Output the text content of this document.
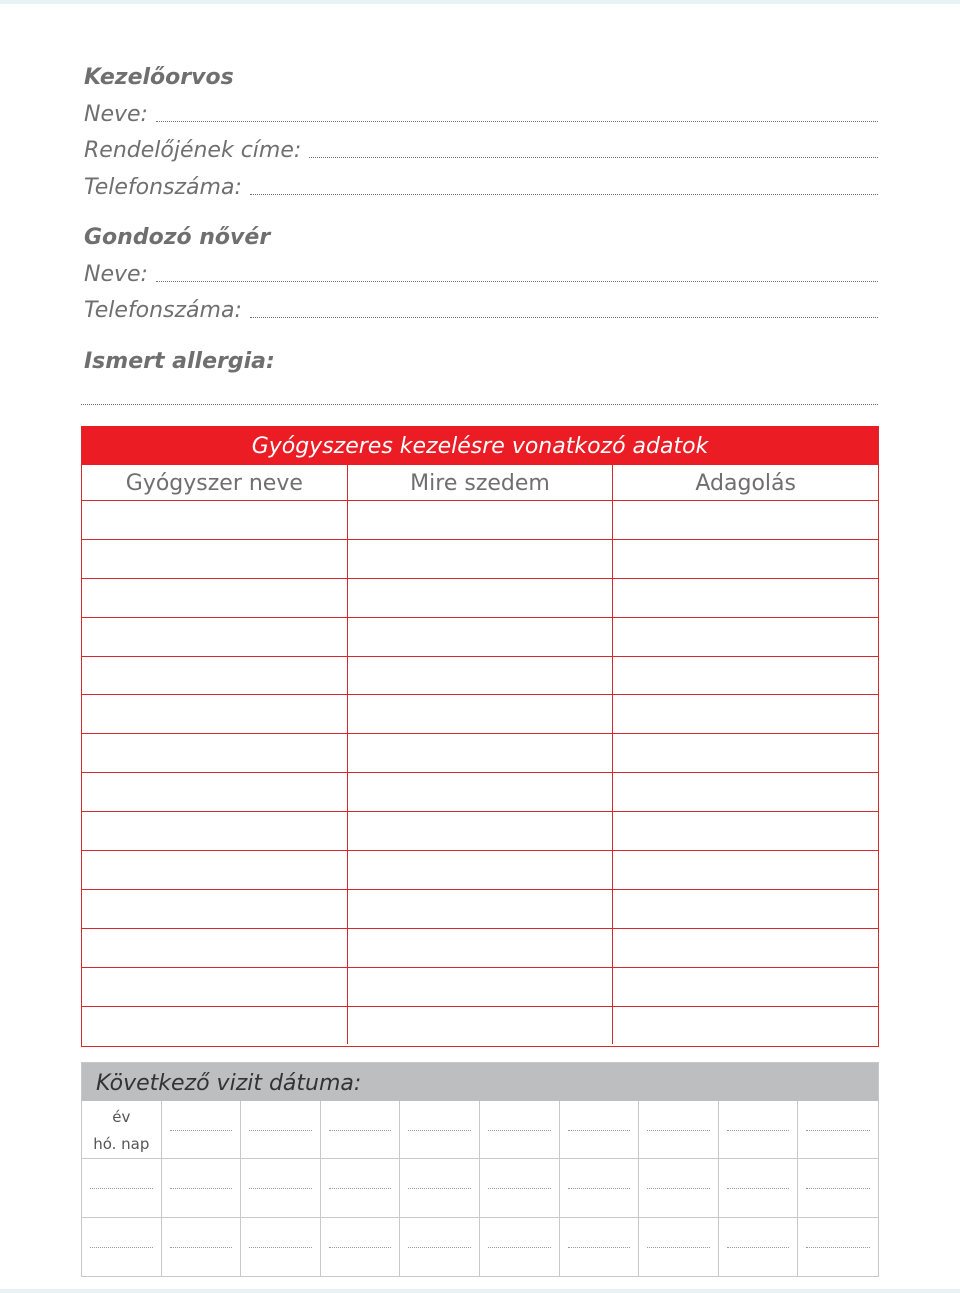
Kezelőorvos
Neve:
Rendelőjének címe:
Telefonszáma:
Gondozó nővér
Neve:
Telefonszáma:
Ismert allergia:
Gyógyszeres kezelésre vonatkozó adatok
Gyógyszer neve	Mire szedem	Adagolás
Következő vizit dátuma:
év
hó. nap
